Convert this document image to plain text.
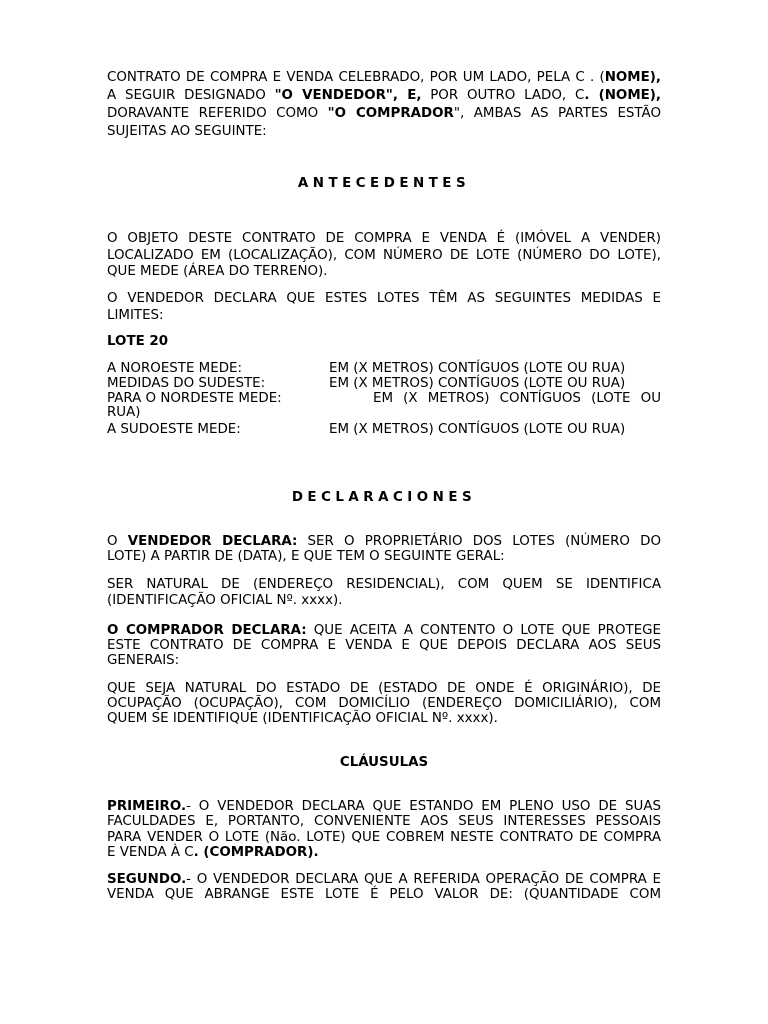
CONTRATO DE COMPRA E VENDA CELEBRADO, POR UM LADO, PELA C . (NOME),
A SEGUIR DESIGNADO "O VENDEDOR", E, POR OUTRO LADO, C. (NOME),
DORAVANTE REFERIDO COMO "O COMPRADOR", AMBAS AS PARTES ESTÃO
SUJEITAS AO SEGUINTE:
ANTECEDENTES
O OBJETO DESTE CONTRATO DE COMPRA E VENDA É (IMÓVEL A VENDER)
LOCALIZADO EM (LOCALIZAÇÃO), COM NÚMERO DE LOTE (NÚMERO DO LOTE),
QUE MEDE (ÁREA DO TERRENO).
O VENDEDOR DECLARA QUE ESTES LOTES TÊM AS SEGUINTES MEDIDAS E
LIMITES:
LOTE 20
A NOROESTE MEDE:	EM (X METROS) CONTÍGUOS (LOTE OU RUA)
MEDIDAS DO SUDESTE:	EM (X METROS) CONTÍGUOS (LOTE OU RUA)
PARA O NORDESTE MEDE:	EM (X METROS) CONTÍGUOS (LOTE OU
RUA)
A SUDOESTE MEDE:	EM (X METROS) CONTÍGUOS (LOTE OU RUA)
DECLARACIONES
O VENDEDOR DECLARA: SER O PROPRIETÁRIO DOS LOTES (NÚMERO DO
LOTE) A PARTIR DE (DATA), E QUE TEM O SEGUINTE GERAL:
SER NATURAL DE (ENDEREÇO RESIDENCIAL), COM QUEM SE IDENTIFICA
(IDENTIFICAÇÃO OFICIAL Nº. xxxx).
O COMPRADOR DECLARA: QUE ACEITA A CONTENTO O LOTE QUE PROTEGE
ESTE CONTRATO DE COMPRA E VENDA E QUE DEPOIS DECLARA AOS SEUS
GENERAIS:
QUE SEJA NATURAL DO ESTADO DE (ESTADO DE ONDE É ORIGINÁRIO), DE
OCUPAÇÃO (OCUPAÇÃO), COM DOMICÍLIO (ENDEREÇO DOMICILIÁRIO), COM
QUEM SE IDENTIFIQUE (IDENTIFICAÇÃO OFICIAL Nº. xxxx).
CLÁUSULAS
PRIMEIRO.- O VENDEDOR DECLARA QUE ESTANDO EM PLENO USO DE SUAS
FACULDADES E, PORTANTO, CONVENIENTE AOS SEUS INTERESSES PESSOAIS
PARA VENDER O LOTE (Não. LOTE) QUE COBREM NESTE CONTRATO DE COMPRA
E VENDA À C. (COMPRADOR).
SEGUNDO.- O VENDEDOR DECLARA QUE A REFERIDA OPERAÇÃO DE COMPRA E
VENDA QUE ABRANGE ESTE LOTE É PELO VALOR DE: (QUANTIDADE COM
